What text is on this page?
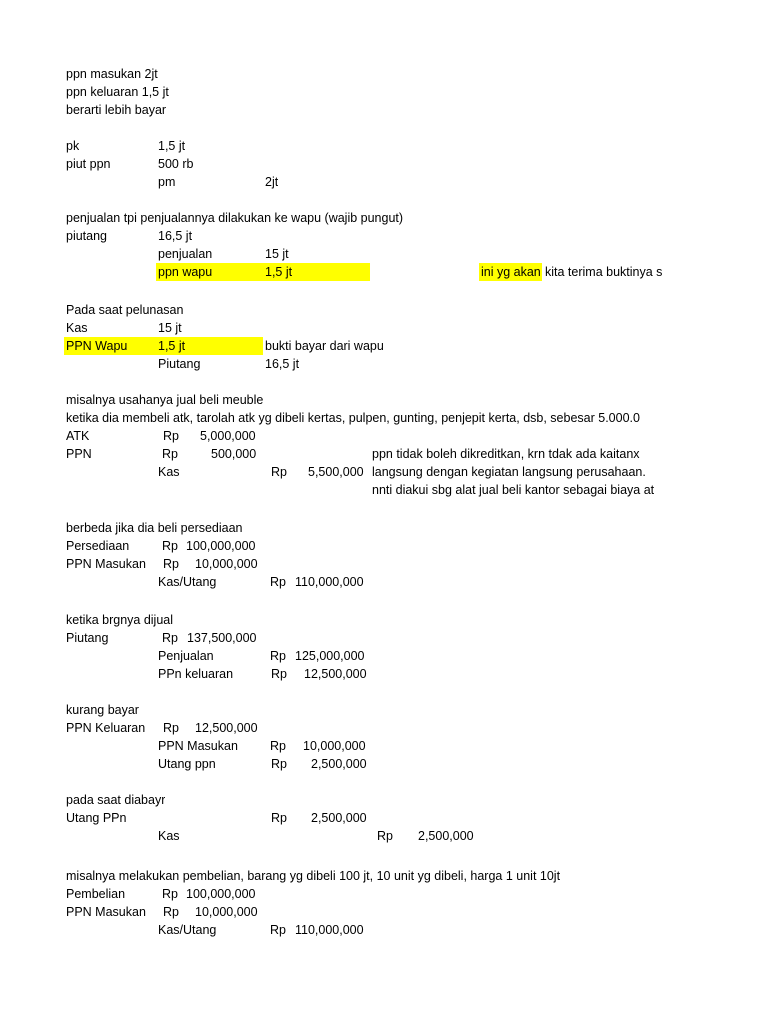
ppn masukan 2jt
ppn keluaran 1,5 jt
berarti lebih bayar
pk	1,5 jt
piut ppn	500 rb
pm	2jt
penjualan tpi penjualannya dilakukan ke wapu (wajib pungut)
piutang	16,5 jt
penjualan	15 jt
ppn wapu	1,5 jt	ini yg akan kita terima buktinya s
Pada saat pelunasan
Kas	15 jt
PPN Wapu	1,5 jt	bukti bayar dari wapu
Piutang	16,5 jt
misalnya usahanya jual beli meuble
ketika dia membeli atk, tarolah atk yg dibeli kertas, pulpen, gunting, penjepit kerta, dsb, sebesar 5.000.0
ATK	Rp 5,000,000
PPN	Rp	500,000	ppn tidak boleh dikreditkan, krn tdak ada kaitanx
Kas	Rp 5,500,000 langsung dengan kegiatan langsung perusahaan.
nnti diakui sbg alat jual beli kantor sebagai biaya at
berbeda jika dia beli persediaan
Persediaan	Rp 100,000,000
PPN Masukan Rp 10,000,000
Kas/Utang	Rp 110,000,000
ketika brgnya dijual
Piutang	Rp 137,500,000
Penjualan	Rp 125,000,000
PPn keluaran	Rp 12,500,000
kurang bayar
PPN Keluaran Rp 12,500,000
PPN Masukan	Rp 10,000,000
Utang ppn	Rp 2,500,000
pada saat diabayr
Utang PPn	Rp 2,500,000
Kas	Rp 2,500,000
misalnya melakukan pembelian, barang yg dibeli 100 jt, 10 unit yg dibeli, harga 1 unit 10jt
Pembelian	Rp 100,000,000
PPN Masukan Rp 10,000,000
Kas/Utang	Rp 110,000,000
